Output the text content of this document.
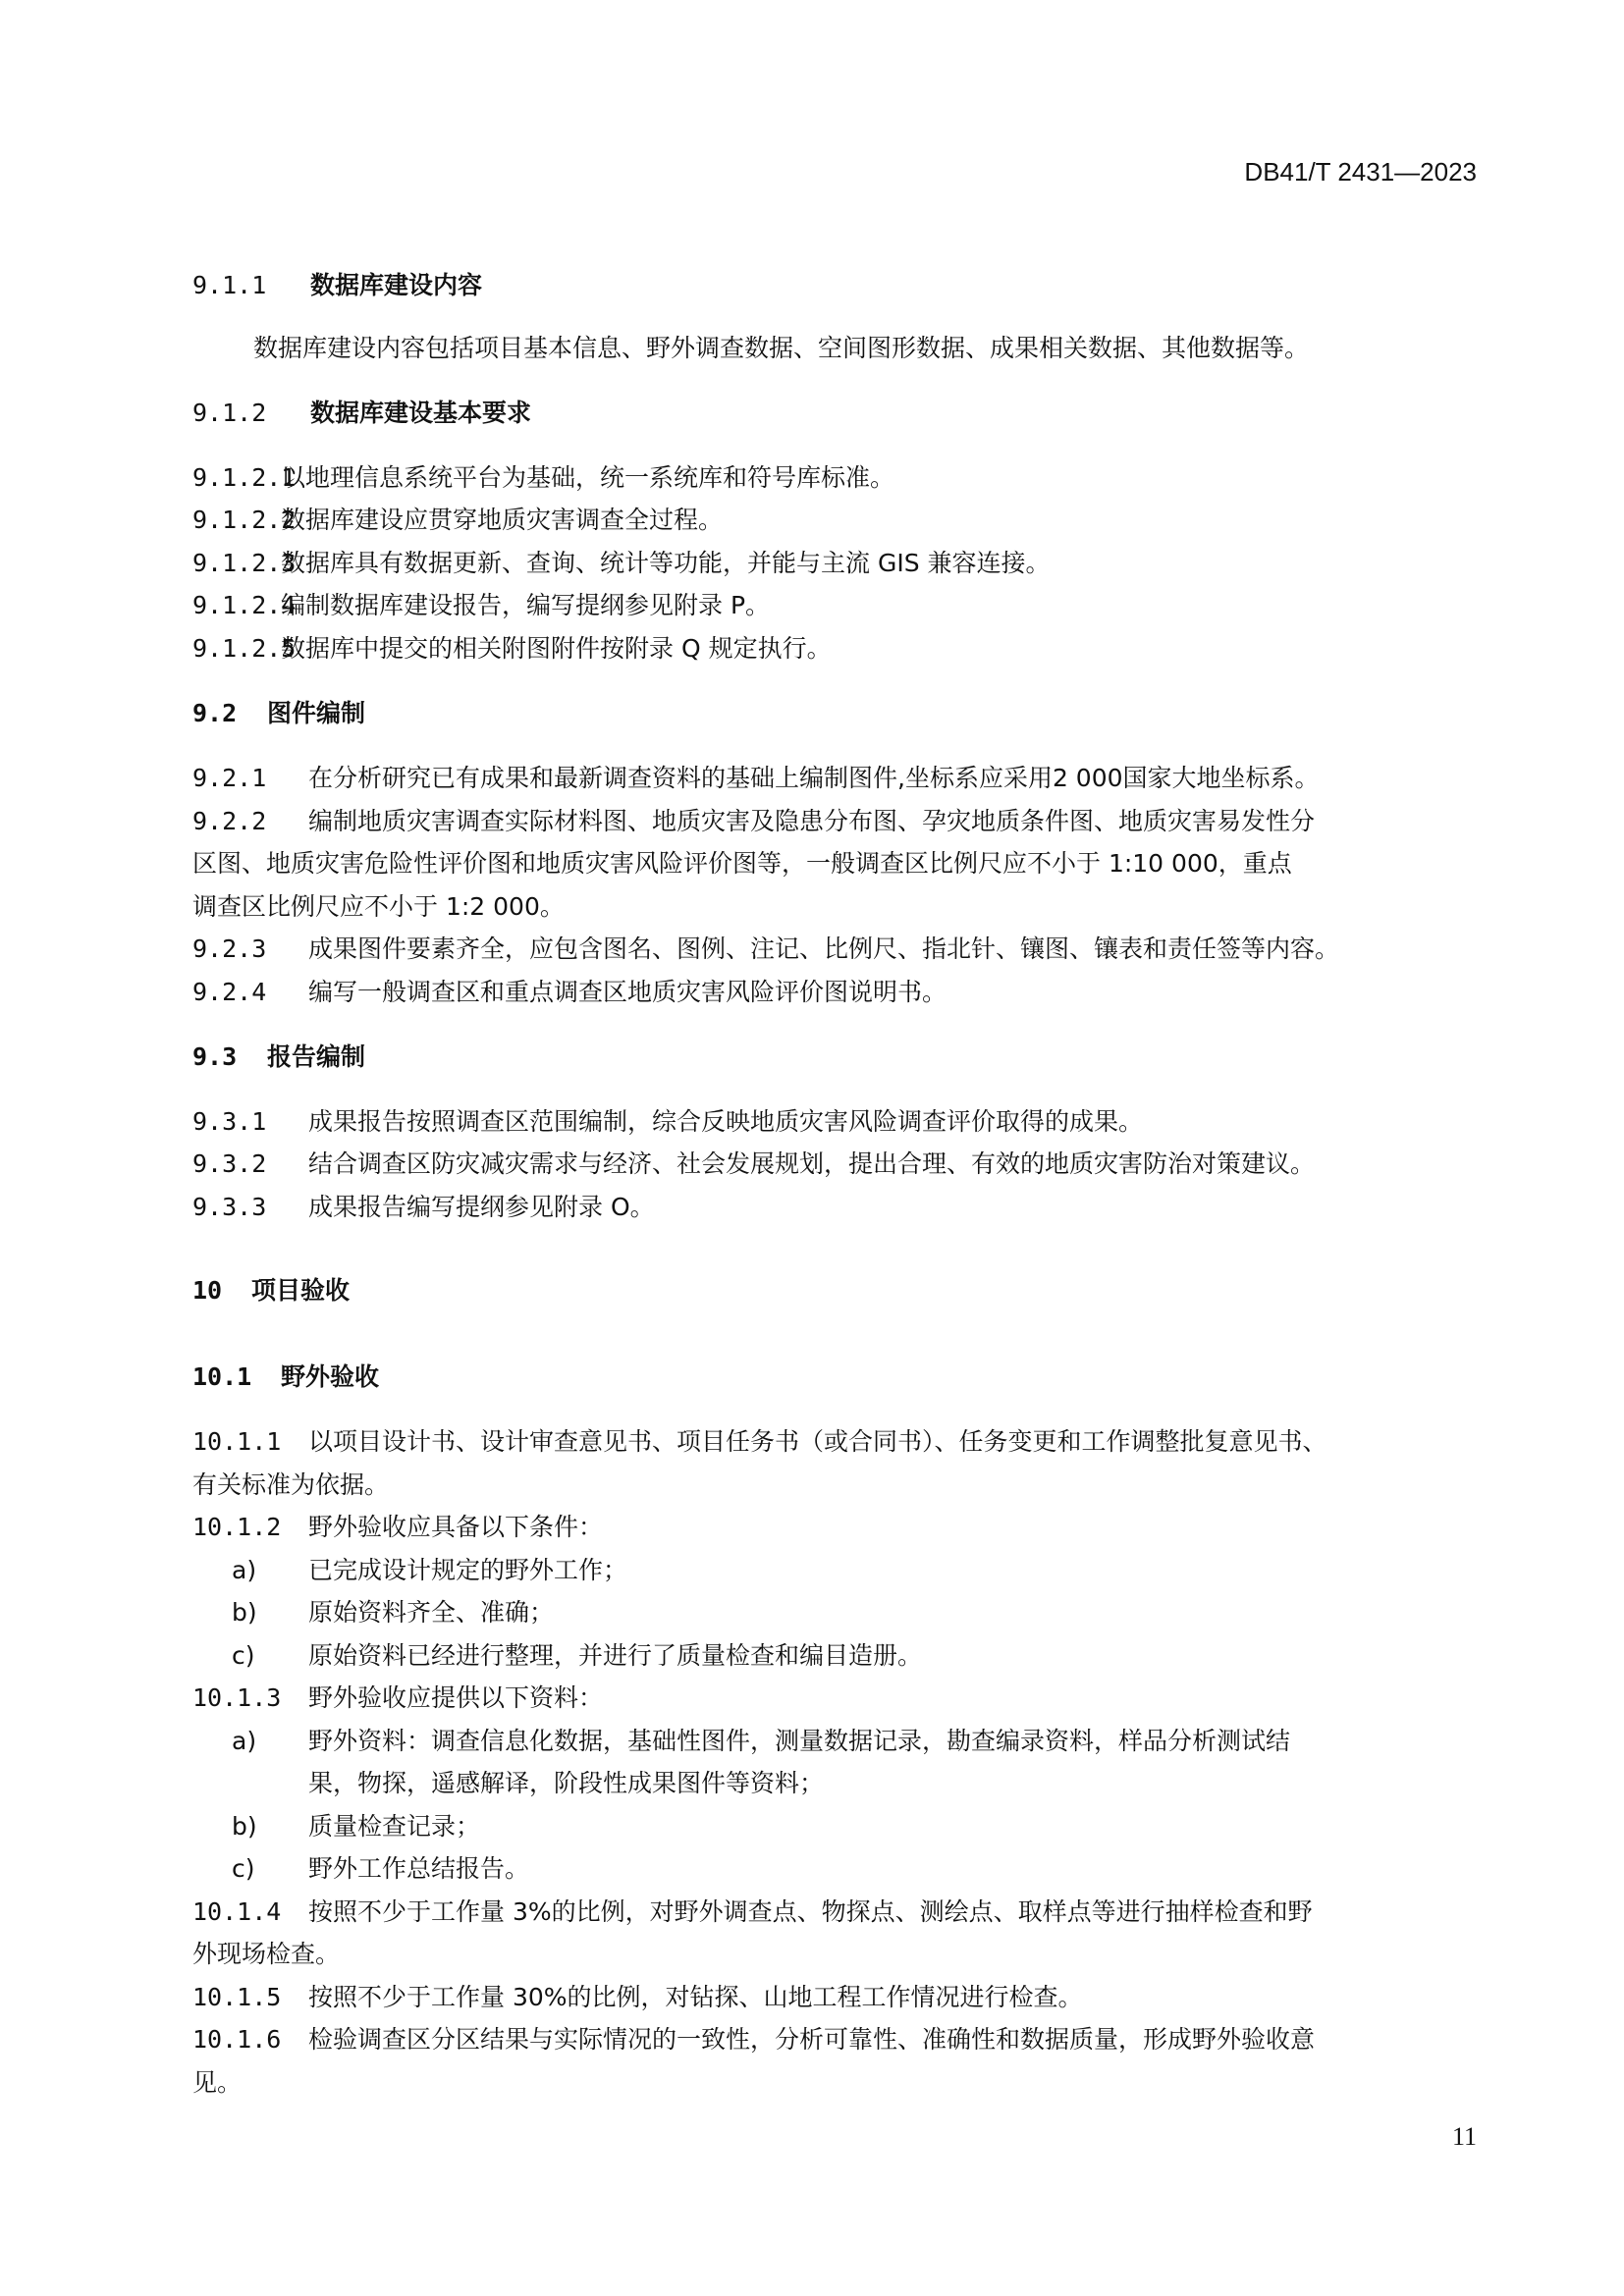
DB41/T 2431—2023
9.1.1 数据库建设内容
数据库建设内容包括项目基本信息、野外调查数据、空间图形数据、成果相关数据、其他数据等。
9.1.2 数据库建设基本要求
9.1.2.1以地理信息系统平台为基础，统一系统库和符号库标准。
9.1.2.2数据库建设应贯穿地质灾害调查全过程。
9.1.2.3数据库具有数据更新、查询、统计等功能，并能与主流 GIS 兼容连接。
9.1.2.4编制数据库建设报告，编写提纲参见附录 P。
9.1.2.5数据库中提交的相关附图附件按附录 Q 规定执行。
9.2 图件编制
9.2.1 在分析研究已有成果和最新调查资料的基础上编制图件,坐标系应采用2 000国家大地坐标系。
9.2.2 编制地质灾害调查实际材料图、地质灾害及隐患分布图、孕灾地质条件图、地质灾害易发性分
区图、地质灾害危险性评价图和地质灾害风险评价图等，一般调查区比例尺应不小于 1:10 000，重点
调查区比例尺应不小于 1:2 000。
9.2.3 成果图件要素齐全，应包含图名、图例、注记、比例尺、指北针、镶图、镶表和责任签等内容。
9.2.4 编写一般调查区和重点调查区地质灾害风险评价图说明书。
9.3 报告编制
9.3.1 成果报告按照调查区范围编制，综合反映地质灾害风险调查评价取得的成果。
9.3.2 结合调查区防灾减灾需求与经济、社会发展规划，提出合理、有效的地质灾害防治对策建议。
9.3.3 成果报告编写提纲参见附录 O。
10 项目验收
10.1 野外验收
10.1.1 以项目设计书、设计审查意见书、项目任务书（或合同书）、任务变更和工作调整批复意见书、
有关标准为依据。
10.1.2 野外验收应具备以下条件：
a) 已完成设计规定的野外工作；
b) 原始资料齐全、准确；
c) 原始资料已经进行整理，并进行了质量检查和编目造册。
10.1.3 野外验收应提供以下资料：
a) 野外资料：调查信息化数据，基础性图件，测量数据记录，勘查编录资料，样品分析测试结
果，物探，遥感解译，阶段性成果图件等资料；
b) 质量检查记录；
c) 野外工作总结报告。
10.1.4 按照不少于工作量 3%的比例，对野外调查点、物探点、测绘点、取样点等进行抽样检查和野
外现场检查。
10.1.5 按照不少于工作量 30%的比例，对钻探、山地工程工作情况进行检查。
10.1.6 检验调查区分区结果与实际情况的一致性，分析可靠性、准确性和数据质量，形成野外验收意
见。
11
